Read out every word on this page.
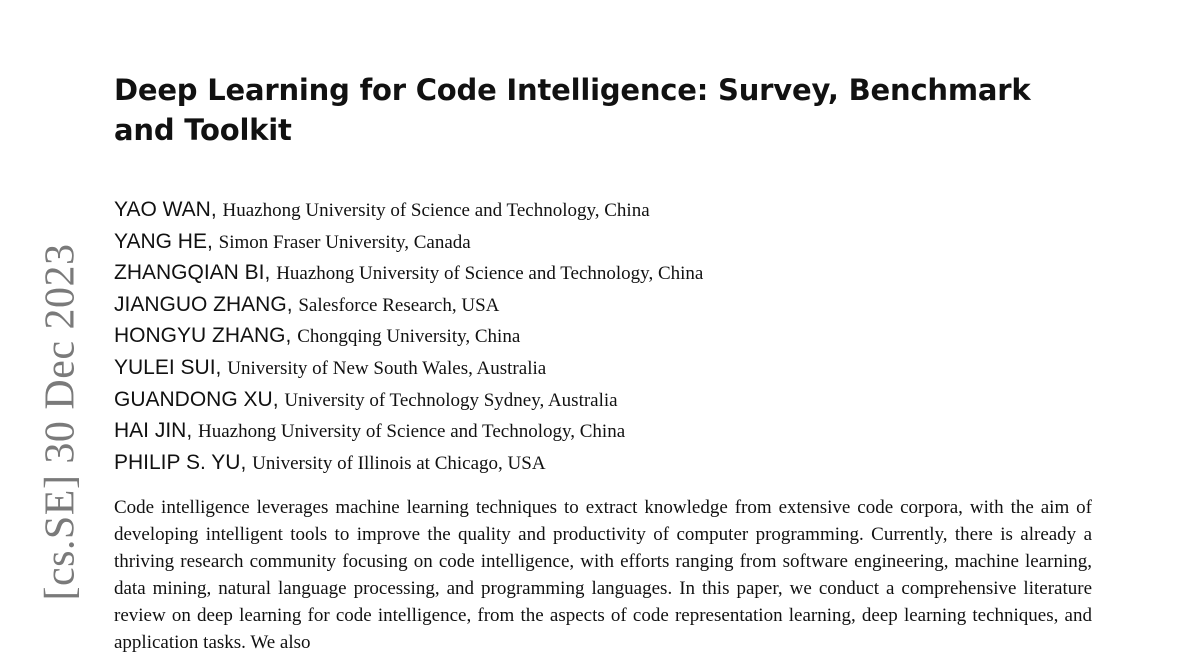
[cs.SE] 30 Dec 2023
Deep Learning for Code Intelligence: Survey, Benchmark and Toolkit
YAO WAN, Huazhong University of Science and Technology, China
YANG HE, Simon Fraser University, Canada
ZHANGQIAN BI, Huazhong University of Science and Technology, China
JIANGUO ZHANG, Salesforce Research, USA
HONGYU ZHANG, Chongqing University, China
YULEI SUI, University of New South Wales, Australia
GUANDONG XU, University of Technology Sydney, Australia
HAI JIN, Huazhong University of Science and Technology, China
PHILIP S. YU, University of Illinois at Chicago, USA
Code intelligence leverages machine learning techniques to extract knowledge from extensive code corpora, with the aim of developing intelligent tools to improve the quality and productivity of computer programming. Currently, there is already a thriving research community focusing on code intelligence, with efforts ranging from software engineering, machine learning, data mining, natural language processing, and programming languages. In this paper, we conduct a comprehensive literature review on deep learning for code intelligence, from the aspects of code representation learning, deep learning techniques, and application tasks. We also
